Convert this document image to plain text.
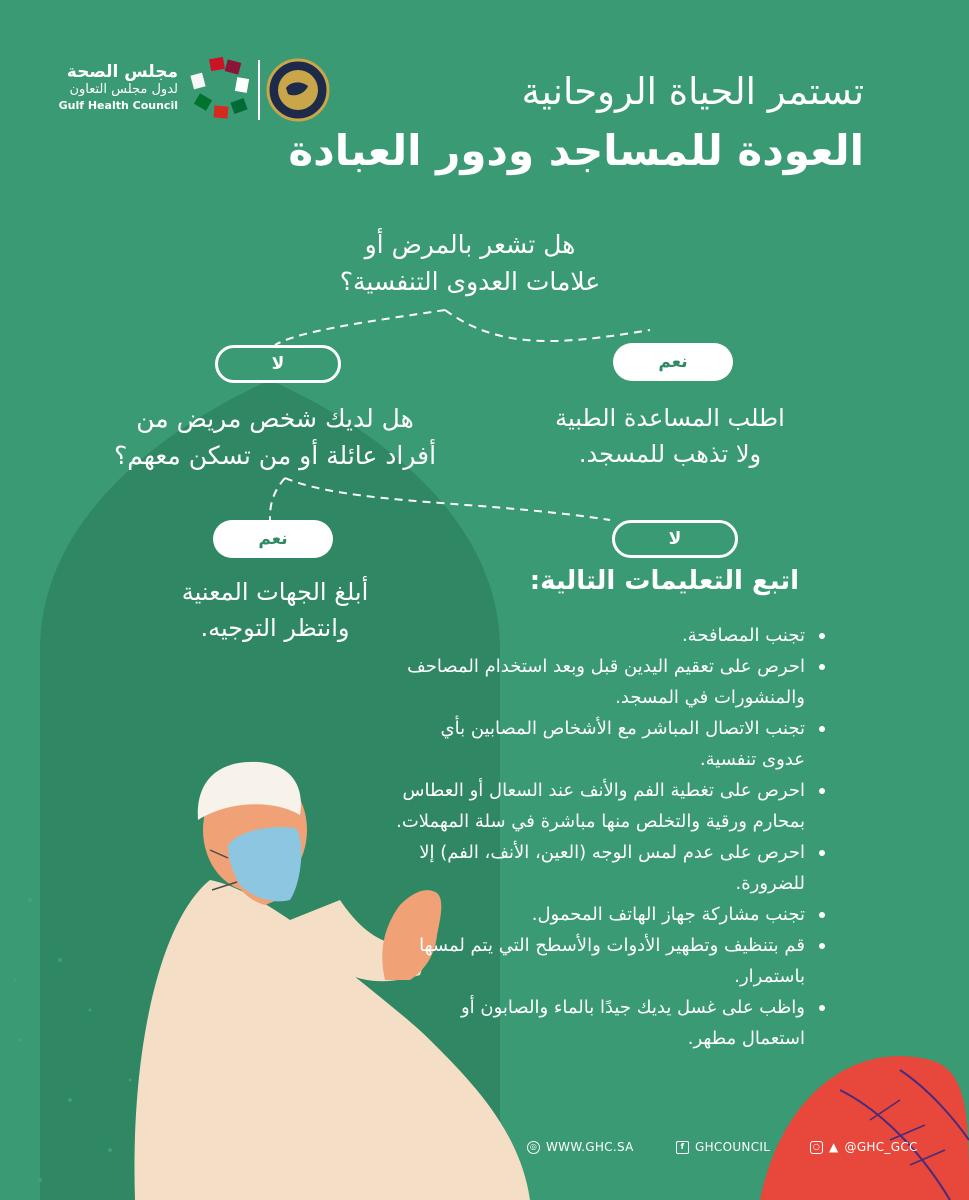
مجلس الصحة
لدول مجلس التعاون
Gulf Health Council	تستمر الحياة الروحانية
العودة للمساجد ودور العبادة
هل تشعر بالمرض أو
علامات العدوى التنفسية؟
لا	نعم
اطلب المساعدة الطبية
ولا تذهب للمسجد.
هل لديك شخص مريض من
أفراد عائلة أو من تسكن معهم؟
نعم	لا
أبلغ الجهات المعنية
وانتظر التوجيه.
اتبع التعليمات التالية:
تجنب المصافحة.
احرص على تعقيم اليدين قبل وبعد استخدام المصاحف والمنشورات في المسجد.
تجنب الاتصال المباشر مع الأشخاص المصابين بأي عدوى تنفسية.
احرص على تغطية الفم والأنف عند السعال أو العطاس بمحارم ورقية والتخلص منها مباشرة في سلة المهملات.
احرص على عدم لمس الوجه (العين، الأنف، الفم) إلا للضرورة.
تجنب مشاركة جهاز الهاتف المحمول.
قم بتنظيف وتطهير الأدوات والأسطح التي يتم لمسها باستمرار.
واظب على غسل يديك جيدًا بالماء والصابون أو استعمال مطهر.
◎ WWW.GHC.SA	f GHCOUNCIL	○ ▲ @GHC_GCC
